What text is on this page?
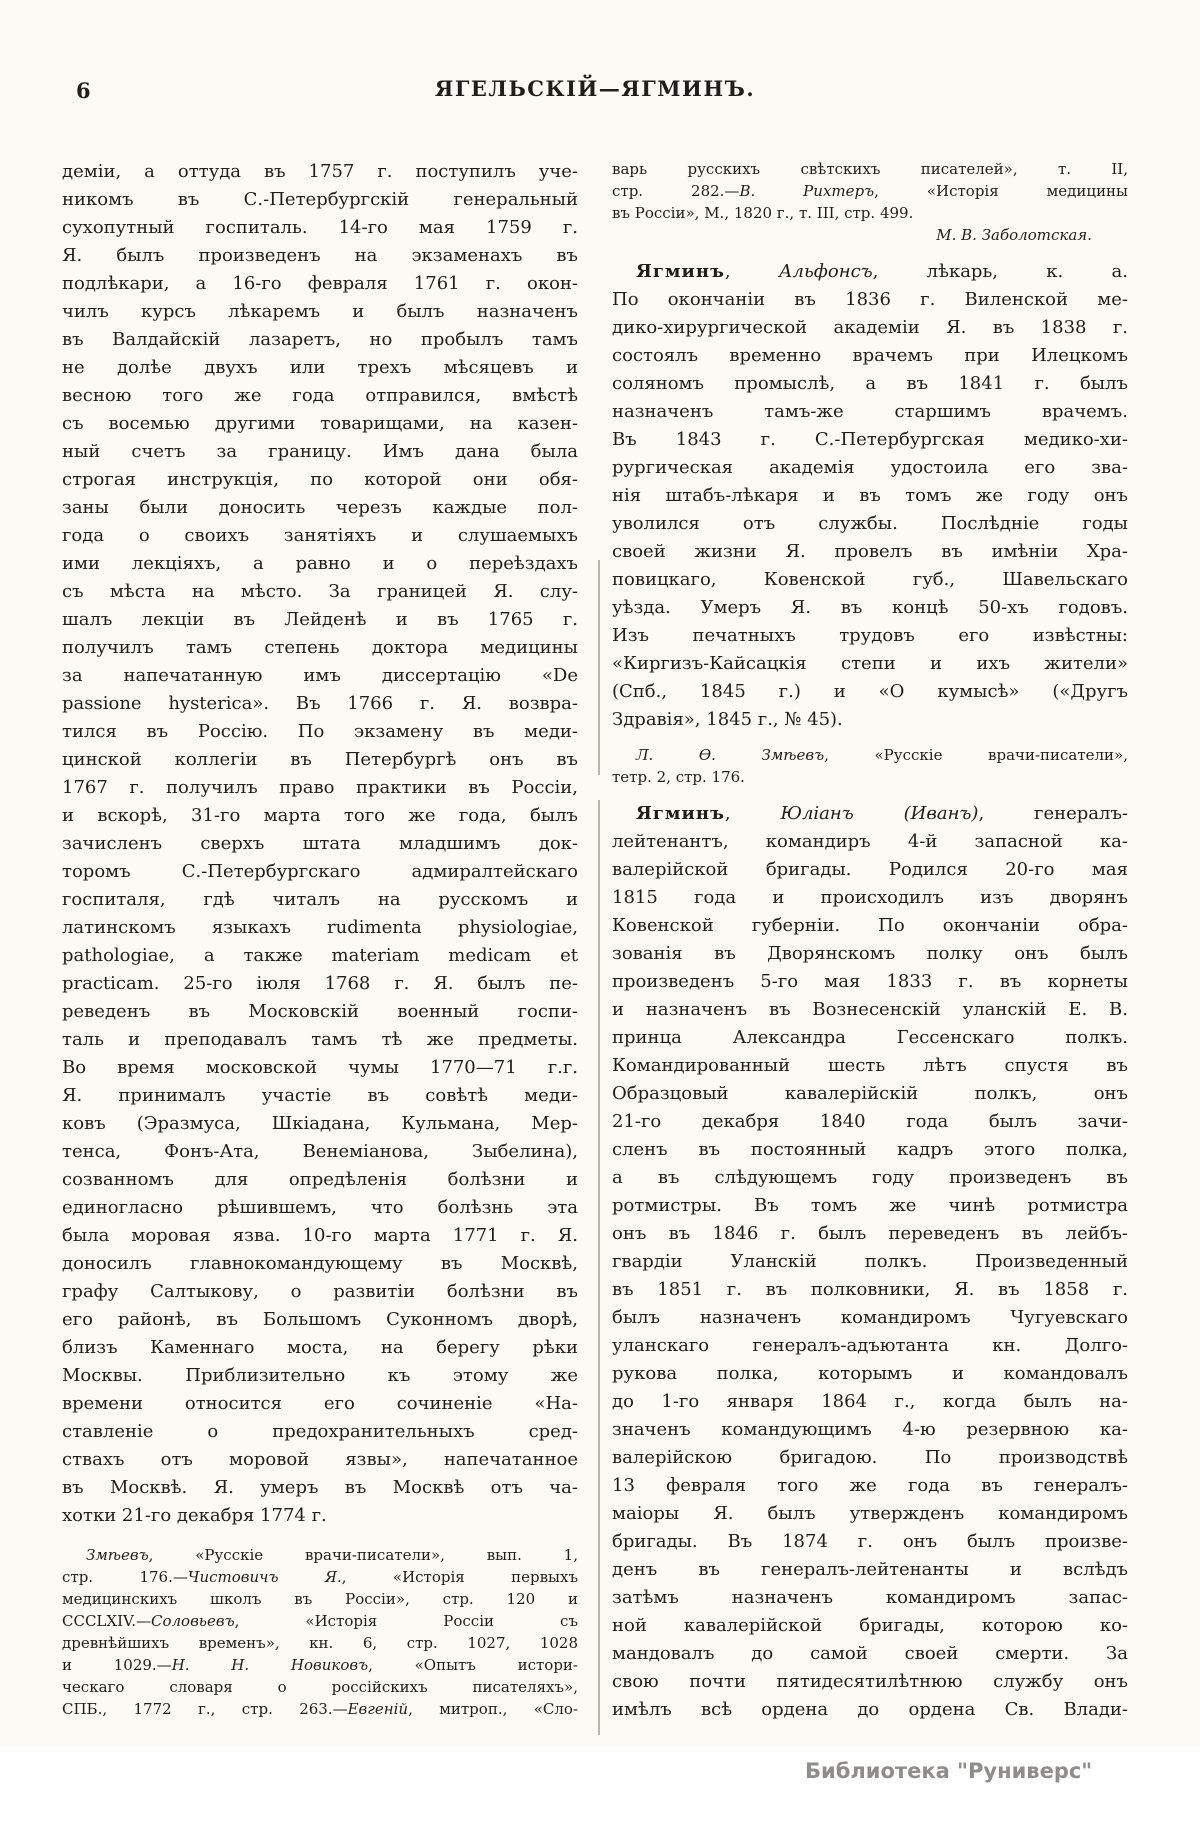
6	ЯГЕЛЬСКІЙ—ЯГМИНЪ.
деміи, а оттуда въ 1757 г. поступилъ уче-
никомъ въ С.-Петербургскій генеральный
сухопутный госпиталь. 14-го мая 1759 г.
Я. былъ произведенъ на экзаменахъ въ
подлѣкари, а 16-го февраля 1761 г. окон-
чилъ курсъ лѣкаремъ и былъ назначенъ
въ Валдайскій лазаретъ, но пробылъ тамъ
не долѣе двухъ или трехъ мѣсяцевъ и
весною того же года отправился, вмѣстѣ
съ восемью другими товарищами, на казен-
ный счетъ за границу. Имъ дана была
строгая инструкція, по которой они обя-
заны были доносить черезъ каждые пол-
года о своихъ занятіяхъ и слушаемыхъ
ими лекціяхъ, а равно и о переѣздахъ
съ мѣста на мѣсто. За границей Я. слу-
шалъ лекціи въ Лейденѣ и въ 1765 г.
получилъ тамъ степень доктора медицины
за напечатанную имъ диссертацію «De
passione hysterica». Въ 1766 г. Я. возвра-
тился въ Россію. По экзамену въ меди-
цинской коллегіи въ Петербургѣ онъ въ
1767 г. получилъ право практики въ Россіи,
и вскорѣ, 31-го марта того же года, былъ
зачисленъ сверхъ штата младшимъ док-
торомъ С.-Петербургскаго адмиралтейскаго
госпиталя, гдѣ читалъ на русскомъ и
латинскомъ языкахъ rudimenta physiologiae,
pathologiae, а также materiam medicam et
practicam. 25-го іюля 1768 г. Я. былъ пе-
реведенъ въ Московскій военный госпи-
таль и преподавалъ тамъ тѣ же предметы.
Во время московской чумы 1770—71 г.г.
Я. принималъ участіе въ совѣтѣ меди-
ковъ (Эразмуса, Шкіадана, Кульмана, Мер-
тенса, Фонъ-Ата, Венеміанова, Зыбелина),
созванномъ для опредѣленія болѣзни и
единогласно рѣшившемъ, что болѣзнь эта
была моровая язва. 10-го марта 1771 г. Я.
доносилъ главнокомандующему въ Москвѣ,
графу Салтыкову, о развитіи болѣзни въ
его районѣ, въ Большомъ Суконномъ дворѣ,
близъ Каменнаго моста, на берегу рѣки
Москвы. Приблизительно къ этому же
времени относится его сочиненіе «На-
ставленіе о предохранительныхъ сред-
ствахъ отъ моровой язвы», напечатанное
въ Москвѣ. Я. умеръ въ Москвѣ отъ ча-
хотки 21-го декабря 1774 г.
Змѣевъ, «Русскіе врачи-писатели», вып. 1,
стр. 176.—Чистовичъ Я., «Исторія первыхъ
медицинскихъ школъ въ Россіи», стр. 120 и
CCCLXIV.—Соловьевъ, «Исторія Россіи съ
древнѣйшихъ временъ», кн. 6, стр. 1027, 1028
и 1029.—Н. Н. Новиковъ, «Опытъ истори-
ческаго словаря о россійскихъ писателяхъ»,
СПБ., 1772 г., стр. 263.—Евгеній, митроп., «Сло-
варь русскихъ свѣтскихъ писателей», т. II,
стр. 282.—В. Рихтеръ, «Исторія медицины
въ Россіи», М., 1820 г., т. III, стр. 499.
М. В. Заболотская.
Ягминъ, Альфонсъ, лѣкарь, к. а.
По окончаніи въ 1836 г. Виленской ме-
дико-хирургической академіи Я. въ 1838 г.
состоялъ временно врачемъ при Илецкомъ
соляномъ промыслѣ, а въ 1841 г. былъ
назначенъ тамъ-же старшимъ врачемъ.
Въ 1843 г. С.-Петербургская медико-хи-
рургическая академія удостоила его зва-
нія штабъ-лѣкаря и въ томъ же году онъ
уволился отъ службы. Послѣдніе годы
своей жизни Я. провелъ въ имѣніи Хра-
повицкаго, Ковенской губ., Шавельскаго
уѣзда. Умеръ Я. въ концѣ 50-хъ годовъ.
Изъ печатныхъ трудовъ его извѣстны:
«Киргизъ-Кайсацкія степи и ихъ жители»
(Спб., 1845 г.) и «О кумысѣ» («Другъ
Здравія», 1845 г., № 45).
Л. Ѳ. Змѣевъ, «Русскіе врачи-писатели»,
тетр. 2, стр. 176.
Ягминъ, Юліанъ (Иванъ), генералъ-
лейтенантъ, командиръ 4-й запасной ка-
валерійской бригады. Родился 20-го мая
1815 года и происходилъ изъ дворянъ
Ковенской губерніи. По окончаніи обра-
зованія въ Дворянскомъ полку онъ былъ
произведенъ 5-го мая 1833 г. въ корнеты
и назначенъ въ Вознесенскій уланскій Е. В.
принца Александра Гессенскаго полкъ.
Командированный шесть лѣтъ спустя въ
Образцовый кавалерійскій полкъ, онъ
21-го декабря 1840 года былъ зачи-
сленъ въ постоянный кадръ этого полка,
а въ слѣдующемъ году произведенъ въ
ротмистры. Въ томъ же чинѣ ротмистра
онъ въ 1846 г. былъ переведенъ въ лейбъ-
гвардіи Уланскій полкъ. Произведенный
въ 1851 г. въ полковники, Я. въ 1858 г.
былъ назначенъ командиромъ Чугуевскаго
уланскаго генералъ-адъютанта кн. Долго-
рукова полка, которымъ и командовалъ
до 1-го января 1864 г., когда былъ на-
значенъ командующимъ 4-ю резервною ка-
валерійскою бригадою. По производствѣ
13 февраля того же года въ генералъ-
маіоры Я. былъ утвержденъ командиромъ
бригады. Въ 1874 г. онъ былъ произве-
денъ въ генералъ-лейтенанты и вслѣдъ
затѣмъ назначенъ командиромъ запас-
ной кавалерійской бригады, которою ко-
мандовалъ до самой своей смерти. За
свою почти пятидесятилѣтнюю службу онъ
имѣлъ всѣ ордена до ордена Св. Влади-
Библиотека "Руниверс"
